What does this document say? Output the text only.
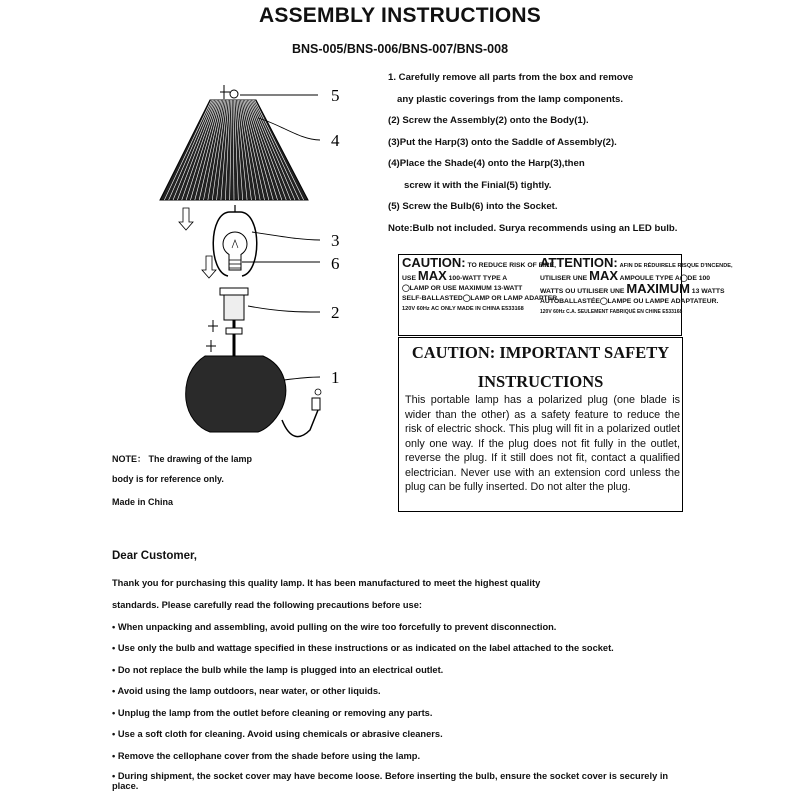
ASSEMBLY INSTRUCTIONS
BNS-005/BNS-006/BNS-007/BNS-008
5
4
3
6
2
1
NOTE： The drawing of the lamp
body is for reference only.
Made in China
1. Carefully remove all parts from the box and remove
any plastic coverings from the lamp components.
(2) Screw the Assembly(2) onto the Body(1).
(3)Put the Harp(3) onto the Saddle of Assembly(2).
(4)Place the Shade(4) onto the Harp(3),then
screw it with the Finial(5) tightly.
(5) Screw the Bulb(6) into the Socket.
Note:Bulb not included. Surya recommends using an LED bulb.
CAUTION: TO REDUCE RISK OF FIRE,
USE MAX 100-WATT TYPE A
◯LAMP OR USE MAXIMUM 13-WATT
SELF-BALLASTED◯LAMP OR LAMP ADAPTER.
120V 60Hz AC ONLY MADE IN CHINA E533168
ATTENTION: AFIN DE RÉDUIRELE RISQUE D'INCENDE,
UTILISER UNE MAX AMPOULE TYPE A◯DE 100
WATTS OU UTILISER UNE MAXIMUM 13 WATTS
AUTOBALLASTÉE◯LAMPE OU LAMPE ADAPTATEUR.
120V 60Hz C.A. SEULEMENT FABRIQUÉ EN CHINE E533168
CAUTION: IMPORTANT SAFETY
INSTRUCTIONS
This portable lamp has a polarized plug (one blade is wider than the other) as a safety feature to reduce the risk of electric shock. This plug will fit in a polarized outlet only one way. If the plug does not fit fully in the outlet, reverse the plug. If it still does not fit, contact a qualified electrician. Never use with an extension cord unless the plug can be fully inserted. Do not alter the plug.
Dear Customer,
Thank you for purchasing this quality lamp. It has been manufactured to meet the highest quality
standards. Please carefully read the following precautions before use:
• When unpacking and assembling, avoid pulling on the wire too forcefully to prevent disconnection.
• Use only the bulb and wattage specified in these instructions or as indicated on the label attached to the socket.
• Do not replace the bulb while the lamp is plugged into an electrical outlet.
• Avoid using the lamp outdoors, near water, or other liquids.
• Unplug the lamp from the outlet before cleaning or removing any parts.
• Use a soft cloth for cleaning. Avoid using chemicals or abrasive cleaners.
• Remove the cellophane cover from the shade before using the lamp.
• During shipment, the socket cover may have become loose. Before inserting the bulb, ensure the socket cover is securely in place.
